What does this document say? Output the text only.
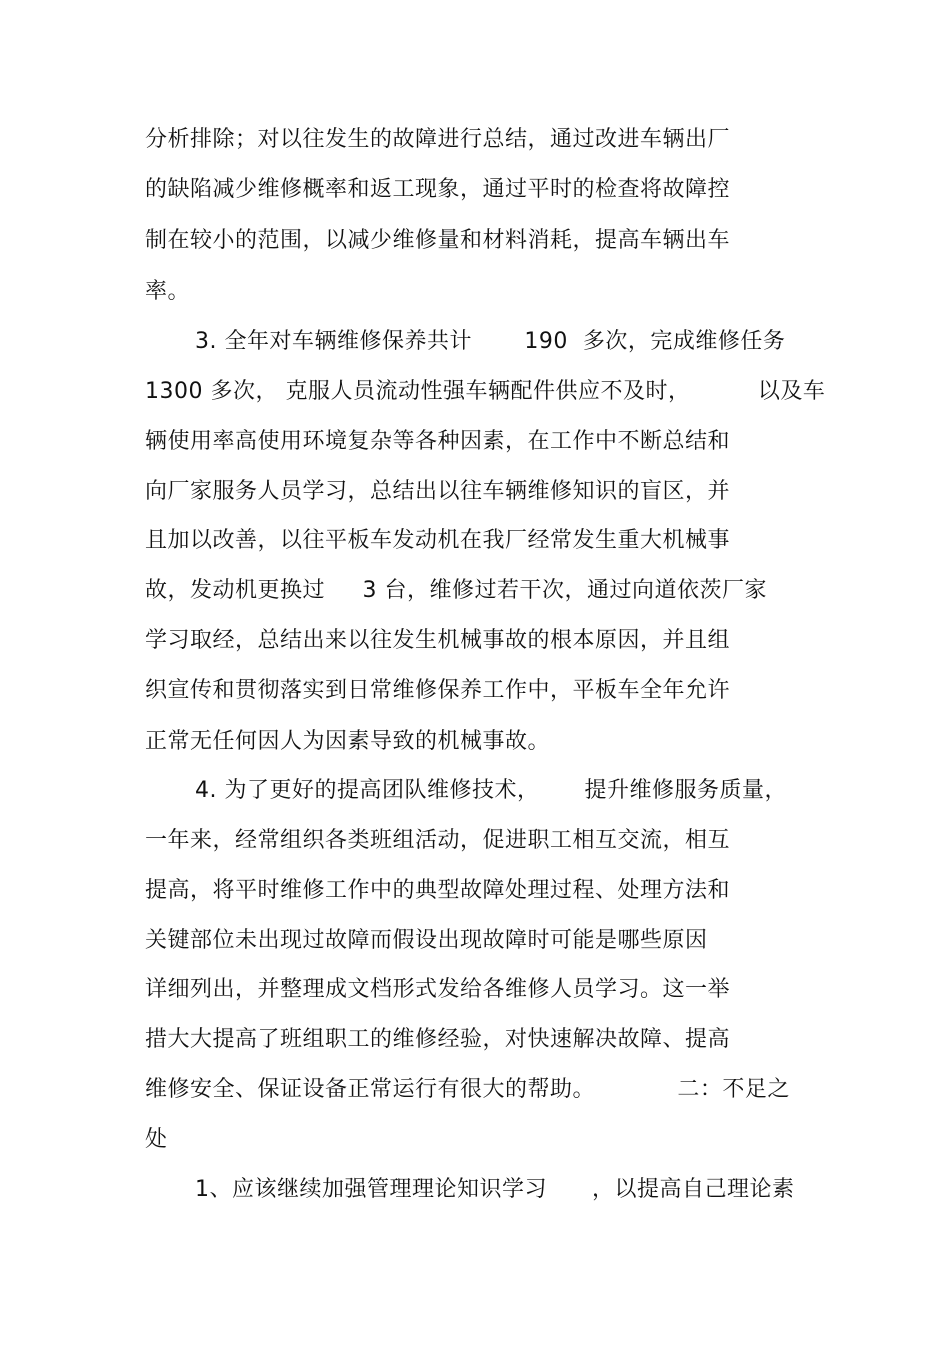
分析排除；对以往发生的故障进行总结，通过改进车辆出厂
的缺陷减少维修概率和返工现象，通过平时的检查将故障控
制在较小的范围，以减少维修量和材料消耗，提高车辆出车
率。
3. 全年对车辆维修保养共计       190  多次，完成维修任务
1300 多次， 克服人员流动性强车辆配件供应不及时，         以及车
辆使用率高使用环境复杂等各种因素，在工作中不断总结和
向厂家服务人员学习，总结出以往车辆维修知识的盲区，并
且加以改善，以往平板车发动机在我厂经常发生重大机械事
故，发动机更换过     3 台，维修过若干次，通过向道依茨厂家
学习取经，总结出来以往发生机械事故的根本原因，并且组
织宣传和贯彻落实到日常维修保养工作中，平板车全年允许
正常无任何因人为因素导致的机械事故。
4. 为了更好的提高团队维修技术，      提升维修服务质量，
一年来，经常组织各类班组活动，促进职工相互交流，相互
提高，将平时维修工作中的典型故障处理过程、处理方法和
关键部位未出现过故障而假设出现故障时可能是哪些原因
详细列出，并整理成文档形式发给各维修人员学习。这一举
措大大提高了班组职工的维修经验，对快速解决故障、提高
维修安全、保证设备正常运行有很大的帮助。           二：不足之
处
1、应该继续加强管理理论知识学习      ，以提高自己理论素
